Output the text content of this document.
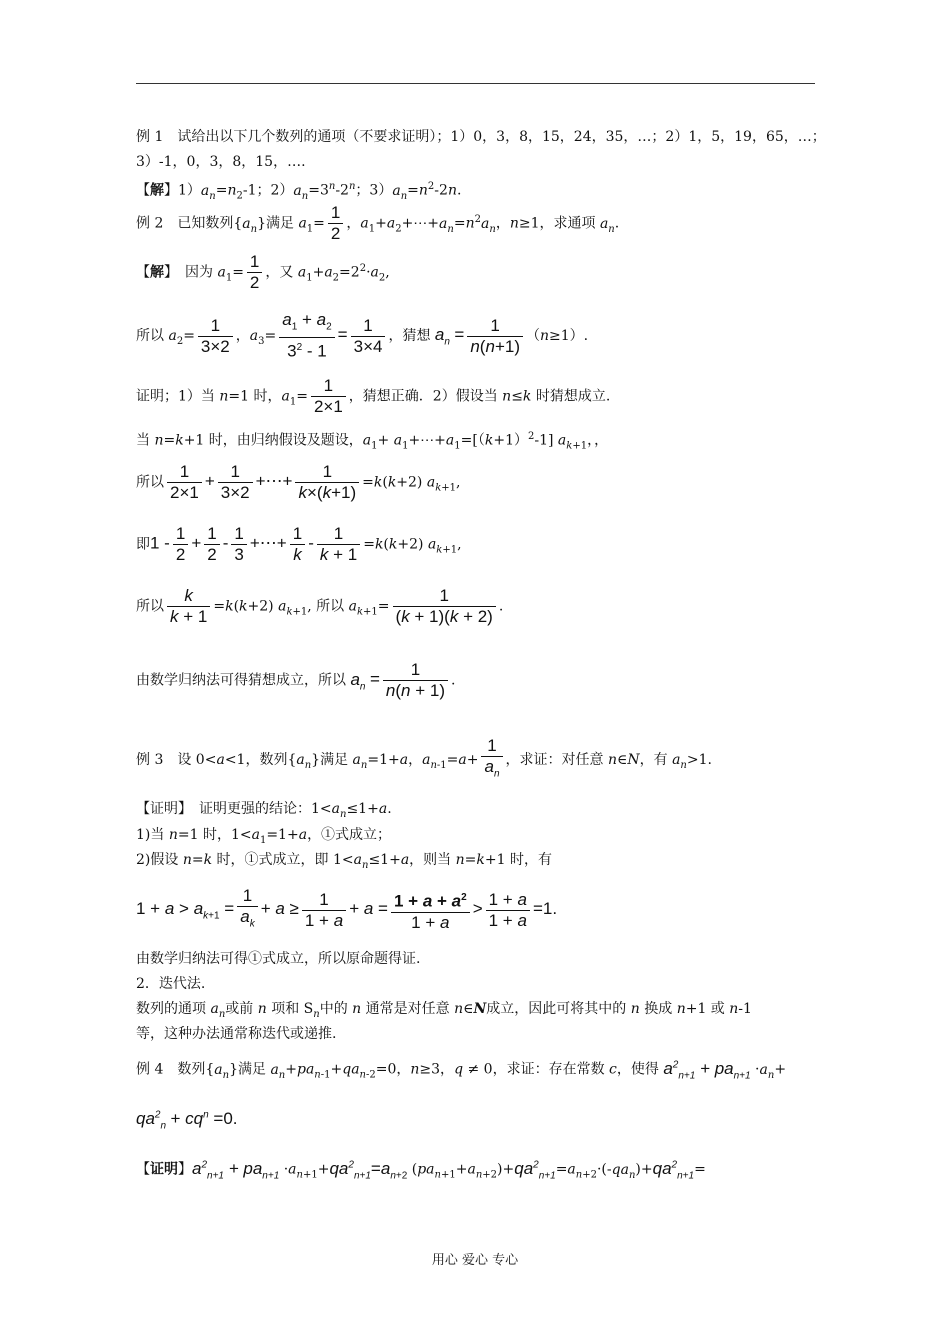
例 1　试给出以下几个数列的通项（不要求证明）；1）0，3，8，15，24，35，…；2）1，5，19，65，…；
3）-1，0，3，8，15，….
【解】$1)a_n=n_2-1$；$2)a_n=3^n-2^n$；$3)a_n=n^2-2n$.
例 2　已知数列$\{a_n\}$满足 $a_1= \frac{1}{2}$ ，$a_1+a_2+\cdots+a_n=n^2a_n$，n≥1，求通项 $a_n$.
【解】　因为 $a_1= \frac{1}{2}$ ，又 $a_1+a_2=2^2\cdot a_2$,
所以 $a_2= \frac{1}{3\times 2}$ ，$a_3= \frac{a_1 + a_2}{3^2 - 1} = \frac{1}{3\times 4}$ ，猜想 $a_n = \frac{1}{n(n+1)} (n\ge 1)$.
证明；1）当 n=1 时，$a_1= \frac{1}{2\times 1}$ ，猜想正确．2）假设当 n≤k 时猜想成立.
当 n=k+1 时，由归纳假设及题设，$a_1+$ $a_1+\cdots+a_1=[(k+1)^2-1]$ $a_{k+1}$，，
所以 $\frac{1}{2\times 1} + \frac{1}{3\times 2}$ +⋯+ $\frac{1}{k\times(k+1)} =k(k+2)$ $a_{k+1}$,
即$1 - \frac{1}{2} + \frac{1}{2} - \frac{1}{3}$ +⋯+ $\frac{1}{k} - \frac{1}{k + 1} =k(k+2)$ $a_{k+1}$,
所以 $\frac{k}{k + 1} =k(k+2)$ $a_{k+1}$, 所以 $a_{k+1}= \frac{1}{(k + 1)(k + 2)}$ .
由数学归纳法可得猜想成立，所以 $a_n = \frac{1}{n(n + 1)}$ .
例 3　设 0<a<1，数列$\{a_n\}$满足 $a_n=1+a$，$a_{n-1}=a+ \frac{1}{a_n}$ ，求证：对任意 n∈N，有 $a_n>1$.
【证明】　证明更强的结论：$1<a_n\le 1+a$.
1)当 n=1 时，$1<a_1=1+a$，①式成立；
2)假设 n=k 时，①式成立，即 $1<a_n\le 1+a$，则当 n=k+1 时，有
$1 + a > a_{k+1} = \frac{1}{a_k} + a \ge \frac{1}{1 + a} + a = \frac{1 + a + a^2}{1 + a} > \frac{1 + a}{1 + a} =1$.
由数学归纳法可得①式成立，所以原命题得证.
2．迭代法.
数列的通项 $a_n$或前 n 项和 $S_n$中的 n 通常是对任意 n∈N成立，因此可将其中的 n 换成 n+1 或 n-1
等，这种办法通常称迭代或递推.
例 4　数列$\{a_n\}$满足 $a_n+pa_{n-1}+qa_{n-2}=0$，n≥3，q ≠ 0，求证：存在常数 c，使得 $a^2_{n+1} + pa_{n+1} \cdot a_n+$
$qa^2_n + cq^n =0$.
【证明】$a^2_{n+1} + pa_{n+1} \cdot a_{n+1}+qa^2_{n+1}=a_{n+2}$ $(pa_{n+1}+a_{n+2})+qa^2_{n+1}=a_{n+2}\cdot(-qa_n)+qa^2_{n+1}=$
用心 爱心 专心
